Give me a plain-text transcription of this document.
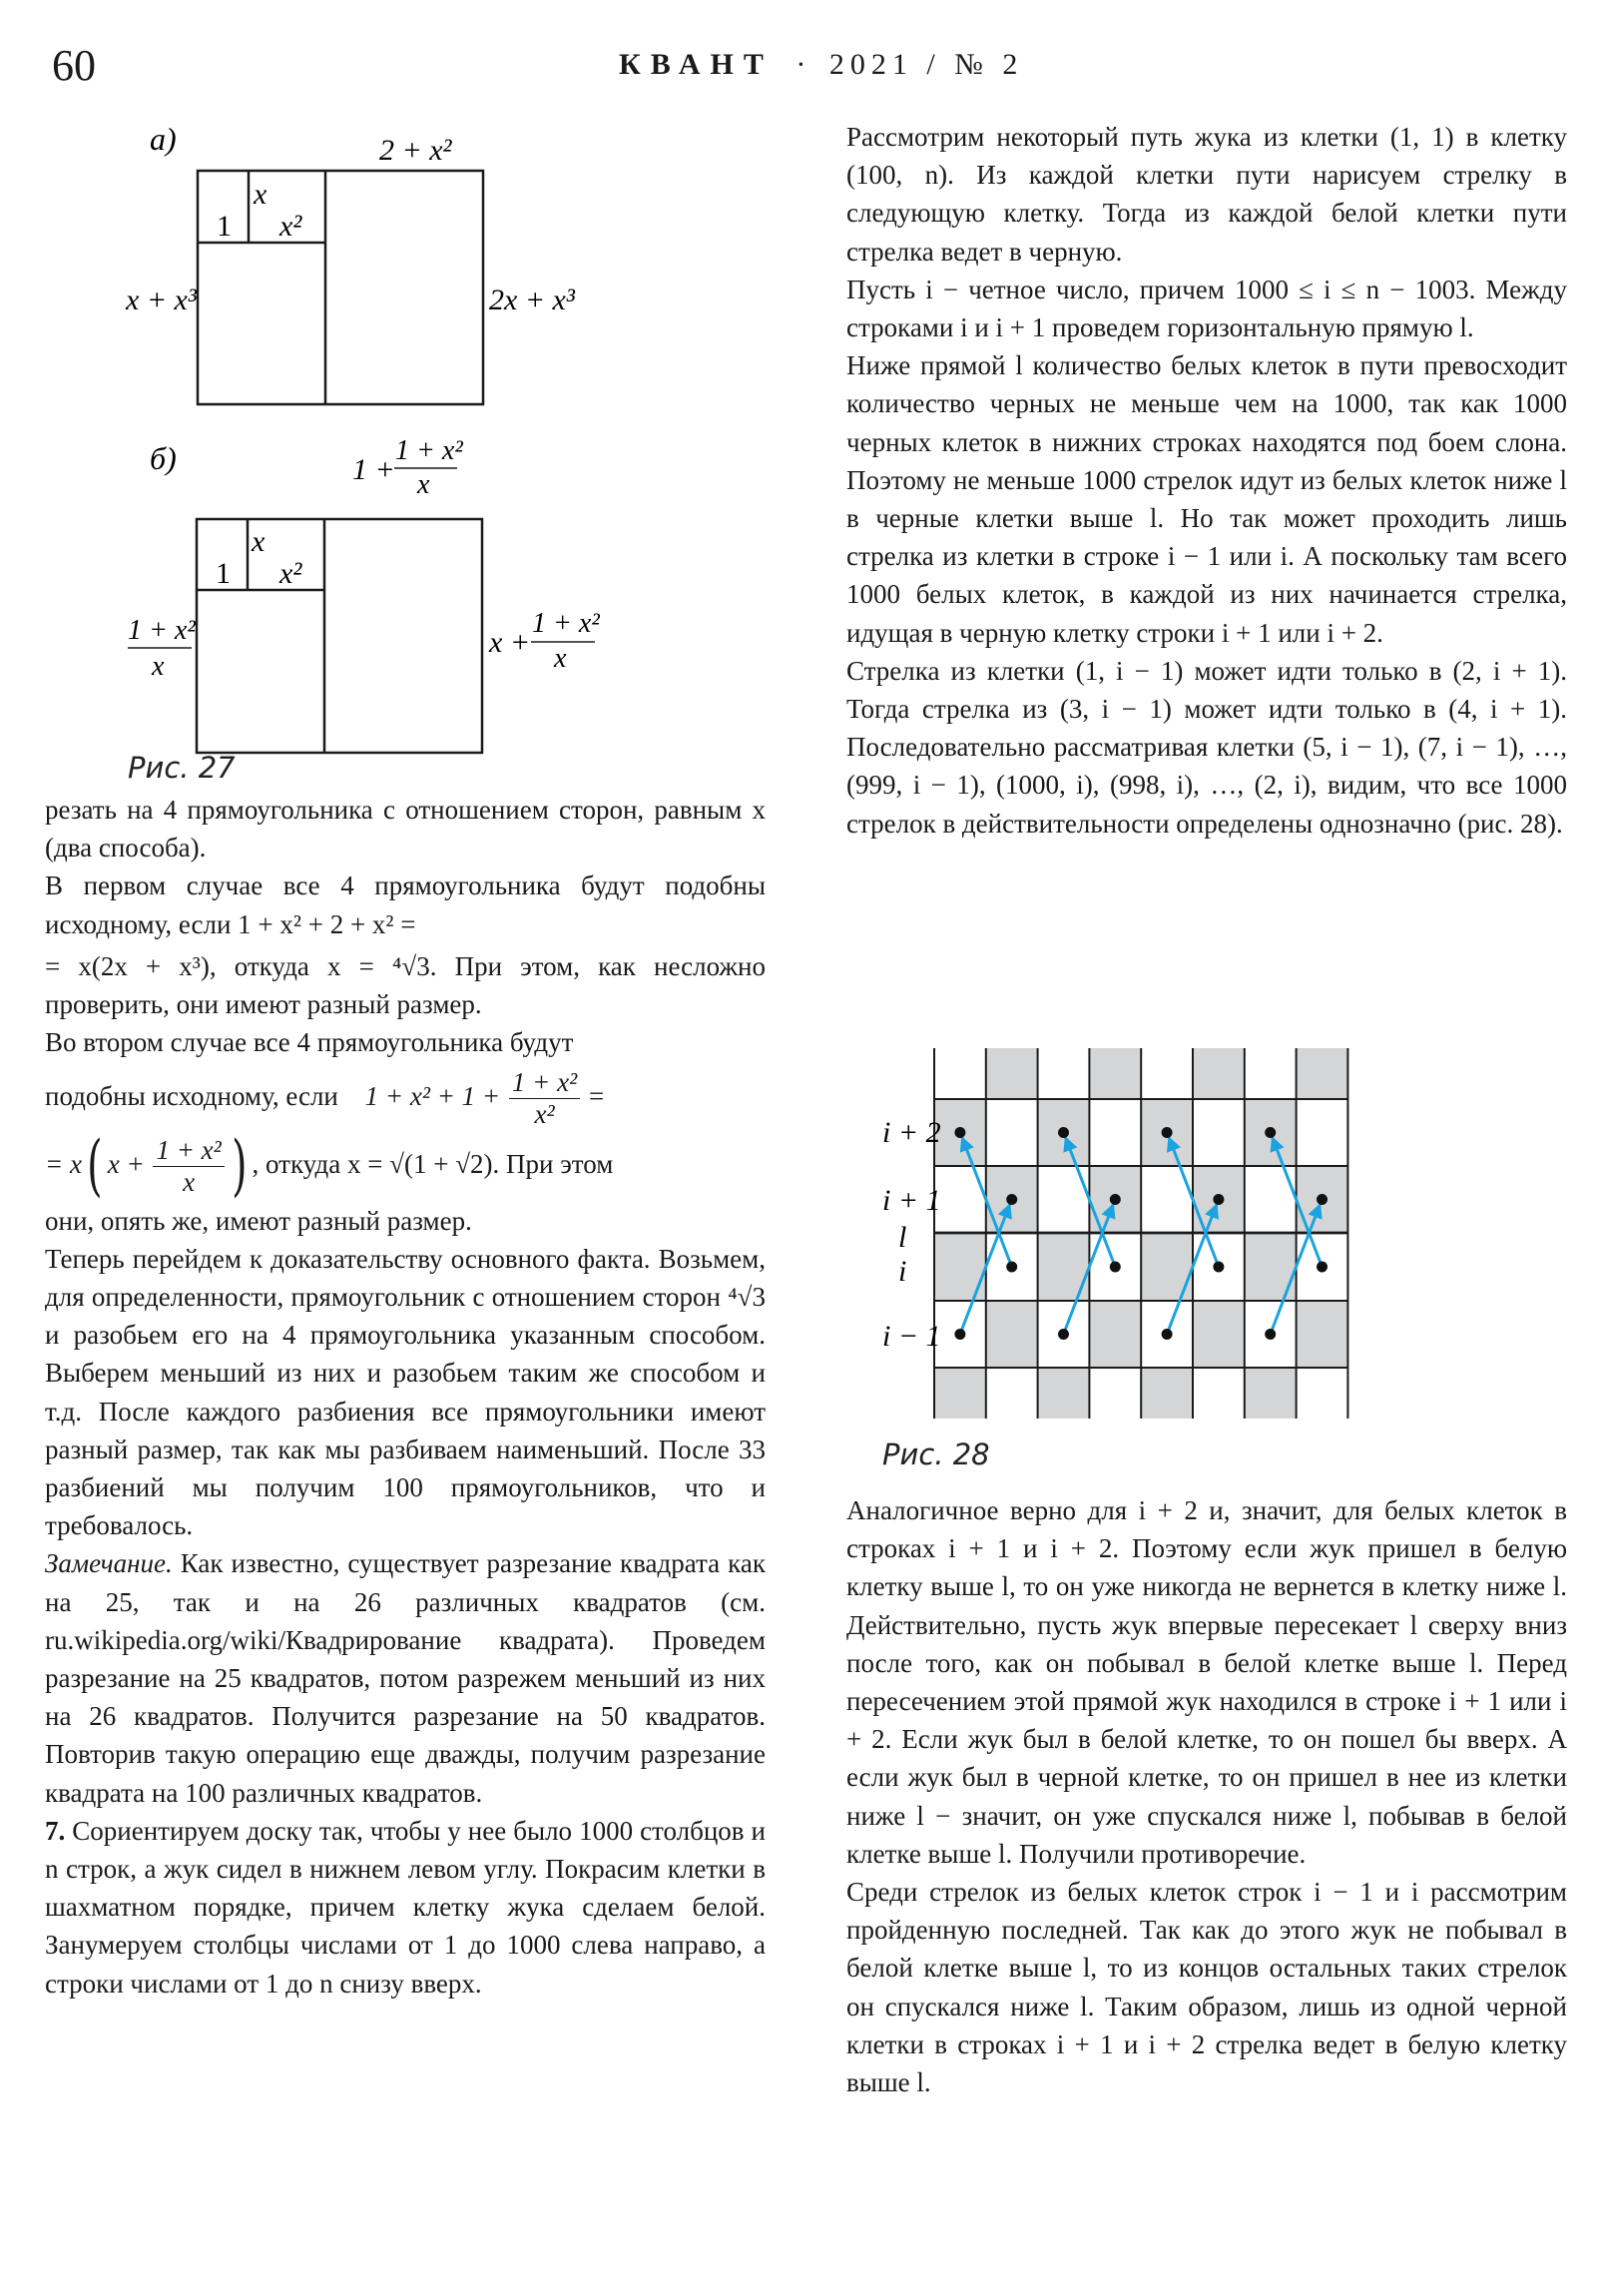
60	КВАНТ · 2021 / № 2
а)	2 + x²
1
x
x²
x + x³	2x + x³
б)	1 +
1 + x²
x
1
x
x²
1 + x²
x
x +
1 + x²
x
Рис. 27

резать на 4 прямоугольника с отношением сторон, равным x (два способа).

В первом случае все 4 прямоугольника будут подобны исходному, если 1 + x² + 2 + x² =

= x(2x + x³), откуда x = ⁴√3. При этом, как несложно проверить, они имеют разный размер.

Во втором случае все 4 прямоугольника будут

подобны исходному, если $1 + x^2 + 1 + \frac{\text{1 + x²}}{\text{x²}}$ =

= x( $x + \frac{\text{1 + x²}}{x}$ ) , откуда x = √(1 + √2). При этом

они, опять же, имеют разный размер.

Теперь перейдем к доказательству основного факта. Возьмем, для определенности, прямоугольник с отношением сторон ⁴√3 и разобьем его на 4 прямоугольника указанным способом. Выберем меньший из них и разобьем таким же способом и т.д. После каждого разбиения все прямоугольники имеют разный размер, так как мы разбиваем наименьший. После 33 разбиений мы получим 100 прямоугольников, что и требовалось.

Замечание. Как известно, существует разрезание квадрата как на 25, так и на 26 различных квадратов (см. ru.wikipedia.org/wiki/Квадрирование квадрата). Проведем разрезание на 25 квадратов, потом разрежем меньший из них на 26 квадратов. Получится разрезание на 50 квадратов. Повторив такую операцию еще дважды, получим разрезание квадрата на 100 различных квадратов.

7. Сориентируем доску так, чтобы у нее было 1000 столбцов и n строк, а жук сидел в нижнем левом углу. Покрасим клетки в шахматном порядке, причем клетку жука сделаем белой. Занумеруем столбцы числами от 1 до 1000 слева направо, а строки числами от 1 до n снизу вверх.

Рассмотрим некоторый путь жука из клетки (1, 1) в клетку (100, n). Из каждой клетки пути нарисуем стрелку в следующую клетку. Тогда из каждой белой клетки пути стрелка ведет в черную.

Пусть i − четное число, причем 1000 ≤ i ≤ n − 1003. Между строками i и i + 1 проведем горизонтальную прямую l.

Ниже прямой l количество белых клеток в пути превосходит количество черных не меньше чем на 1000, так как 1000 черных клеток в нижних строках находятся под боем слона. Поэтому не меньше 1000 стрелок идут из белых клеток ниже l в черные клетки выше l. Но так может проходить лишь стрелка из клетки в строке i − 1 или i. А поскольку там всего 1000 белых клеток, в каждой из них начинается стрелка, идущая в черную клетку строки i + 1 или i + 2.

Стрелка из клетки (1, i − 1) может идти только в (2, i + 1). Тогда стрелка из (3, i − 1) может идти только в (4, i + 1). Последовательно рассматривая клетки (5, i − 1), (7, i − 1), …, (999, i − 1), (1000, i), (998, i), …, (2, i), видим, что все 1000 стрелок в действительности определены однозначно (рис. 28).

i + 2
i + 1
l
i
i − 1
Рис. 28

Аналогичное верно для i + 2 и, значит, для белых клеток в строках i + 1 и i + 2. Поэтому если жук пришел в белую клетку выше l, то он уже никогда не вернется в клетку ниже l. Действительно, пусть жук впервые пересекает l сверху вниз после того, как он побывал в белой клетке выше l. Перед пересечением этой прямой жук находился в строке i + 1 или i + 2. Если жук был в белой клетке, то он пошел бы вверх. А если жук был в черной клетке, то он пришел в нее из клетки ниже l − значит, он уже спускался ниже l, побывав в белой клетке выше l. Получили противоречие.

Среди стрелок из белых клеток строк i − 1 и i рассмотрим пройденную последней. Так как до этого жук не побывал в белой клетке выше l, то из концов остальных таких стрелок он спускался ниже l. Таким образом, лишь из одной черной клетки в строках i + 1 и i + 2 стрелка ведет в белую клетку выше l.
